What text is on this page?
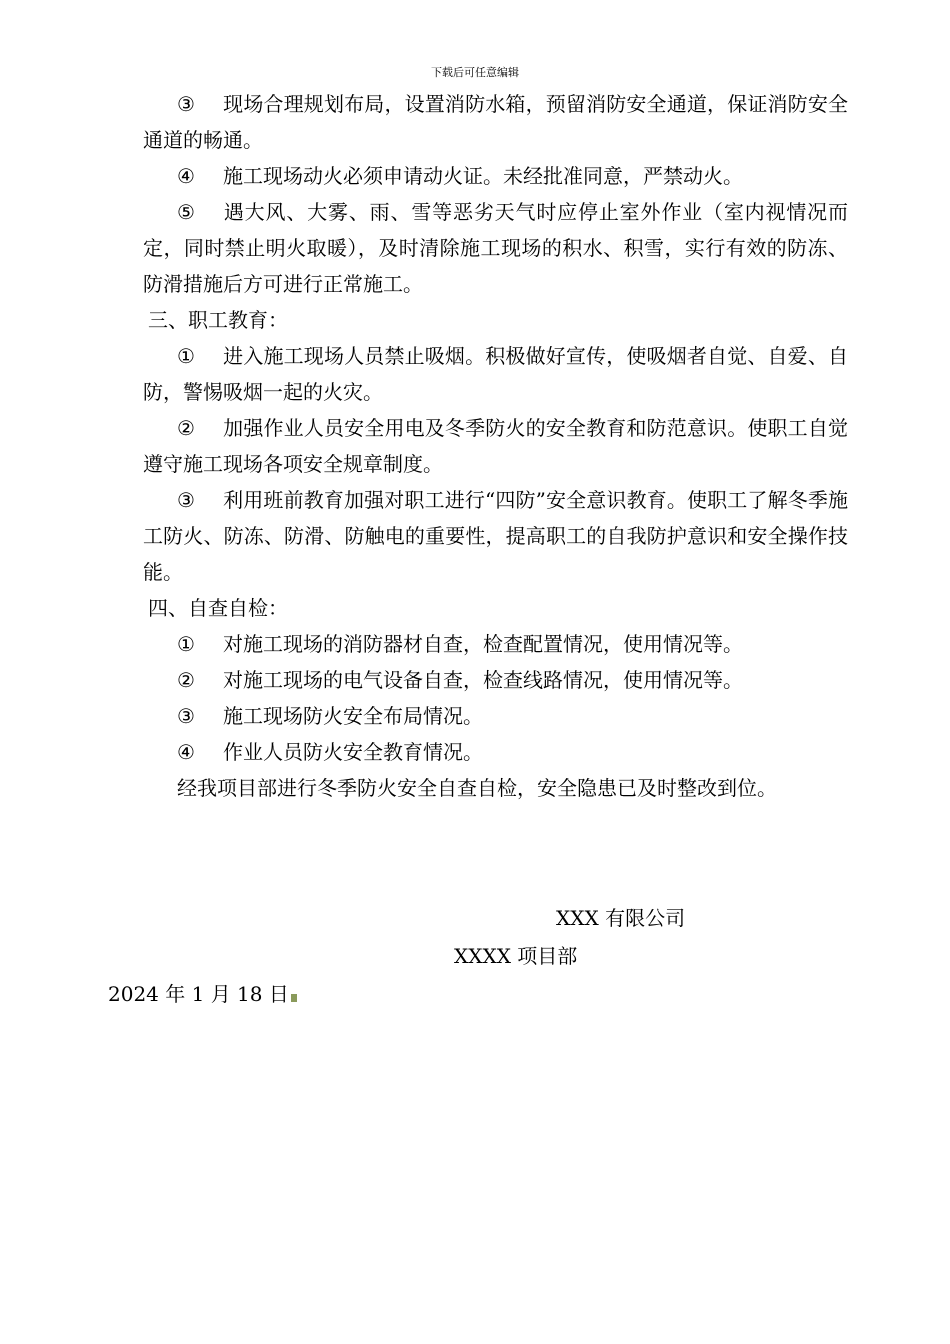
下载后可任意编辑

③ 现场合理规划布局，设置消防水箱，预留消防安全通道，保证消防安全通道的畅通。

④ 施工现场动火必须申请动火证。未经批准同意，严禁动火。

⑤ 遇大风、大雾、雨、雪等恶劣天气时应停止室外作业（室内视情况而定，同时禁止明火取暖），及时清除施工现场的积水、积雪，实行有效的防冻、防滑措施后方可进行正常施工。

三、职工教育：

① 进入施工现场人员禁止吸烟。积极做好宣传，使吸烟者自觉、自爱、自防，警惕吸烟一起的火灾。

② 加强作业人员安全用电及冬季防火的安全教育和防范意识。使职工自觉遵守施工现场各项安全规章制度。

③ 利用班前教育加强对职工进行“四防”安全意识教育。使职工了解冬季施工防火、防冻、防滑、防触电的重要性，提高职工的自我防护意识和安全操作技能。

四、自查自检：

① 对施工现场的消防器材自查，检查配置情况，使用情况等。

② 对施工现场的电气设备自查，检查线路情况，使用情况等。

③ 施工现场防火安全布局情况。

④ 作业人员防火安全教育情况。

经我项目部进行冬季防火安全自查自检，安全隐患已及时整改到位。

XXX 有限公司
XXXX 项目部
2024 年 1 月 18 日
